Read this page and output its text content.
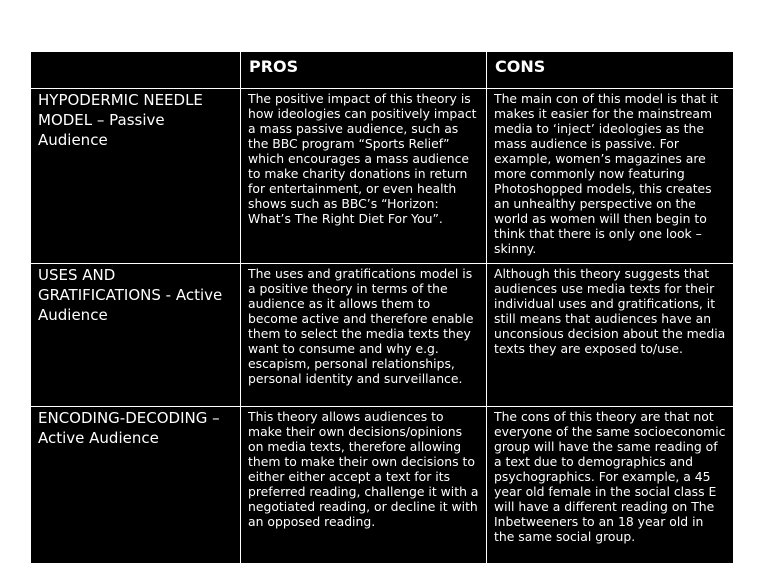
PROS	CONS
HYPODERMIC NEEDLE MODEL – Passive Audience
The positive impact of this theory is how ideologies can positively impact a mass passive audience, such as the BBC program “Sports Relief” which encourages a mass audience to make charity donations in return for entertainment, or even health shows such as BBC’s “Horizon: What’s The Right Diet For You”.
The main con of this model is that it makes it easier for the mainstream media to ‘inject’ ideologies as the mass audience is passive. For example, women’s magazines are more commonly now featuring Photoshopped models, this creates an unhealthy perspective on the world as women will then begin to think that there is only one look – skinny.
USES AND GRATIFICATIONS - Active Audience
The uses and gratifications model is a positive theory in terms of the audience as it allows them to become active and therefore enable them to select the media texts they want to consume and why e.g. escapism, personal relationships, personal identity and surveillance.
Although this theory suggests that audiences use media texts for their individual uses and gratifications, it still means that audiences have an unconsious decision about the media texts they are exposed to/use.
ENCODING-DECODING – Active Audience
This theory allows audiences to make their own decisions/opinions on media texts, therefore allowing them to make their own decisions to either either accept a text for its preferred reading, challenge it with a negotiated reading, or decline it with an opposed reading.
The cons of this theory are that not everyone of the same socioeconomic group will have the same reading of a text due to demographics and psychographics. For example, a 45 year old female in the social class E will have a different reading on The Inbetweeners to an 18 year old in the same social group.
